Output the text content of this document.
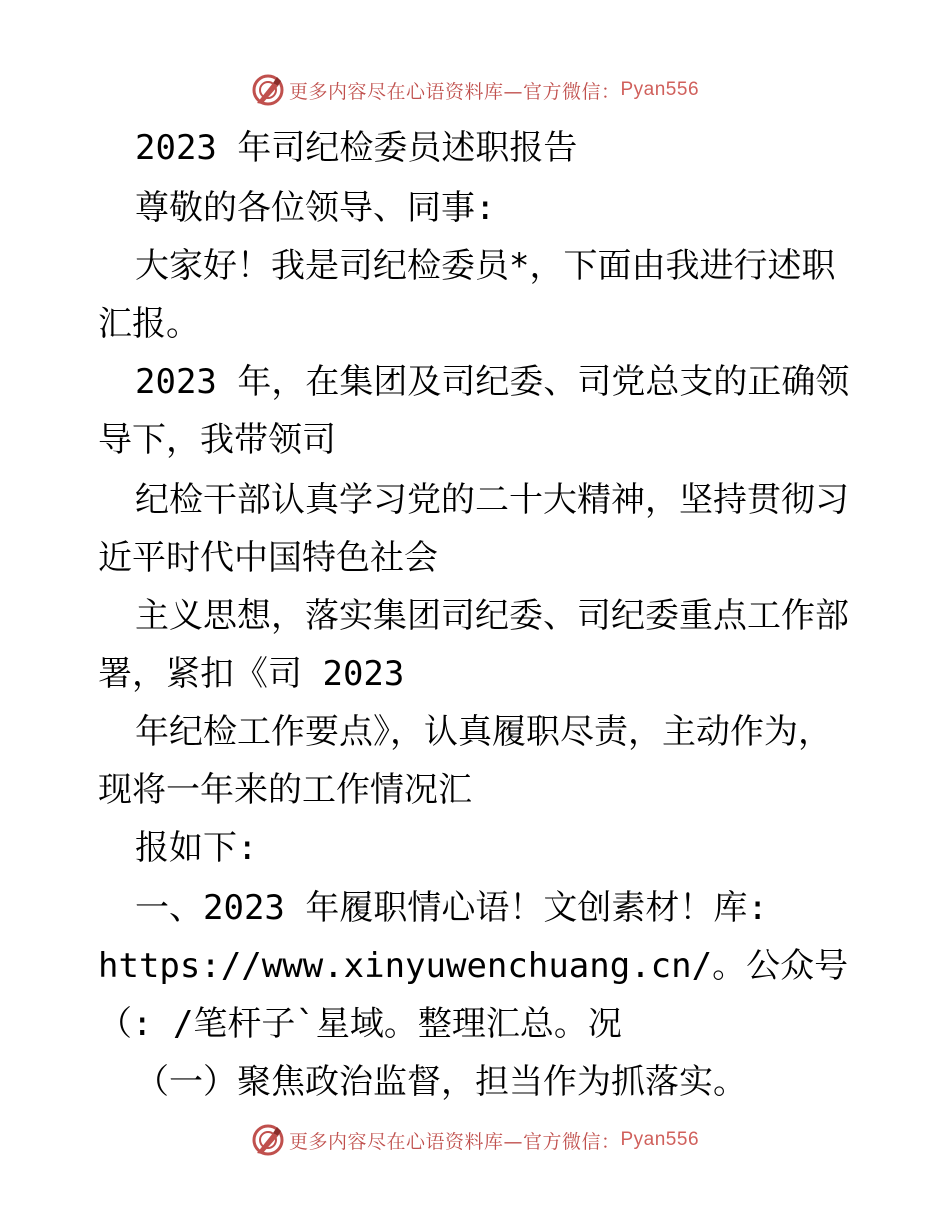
更多内容尽在心语资料库—官方微信： Pyan556

2023 年司纪检委员述职报告

尊敬的各位领导、同事:

大家好！我是司纪检委员*，下面由我进行述职

汇报。

2023 年，在集团及司纪委、司党总支的正确领

导下，我带领司

纪检干部认真学习党的二十大精神，坚持贯彻习

近平时代中国特色社会

主义思想，落实集团司纪委、司纪委重点工作部

署，紧扣《司 2023

年纪检工作要点》，认真履职尽责，主动作为，

现将一年来的工作情况汇

报如下:

一、2023 年履职情心语！文创素材！库:

https://www.xinyuwenchuang.cn/。公众号

（: /笔杆子`星域。整理汇总。况

（一）聚焦政治监督，担当作为抓落实。

更多内容尽在心语资料库—官方微信： Pyan556
